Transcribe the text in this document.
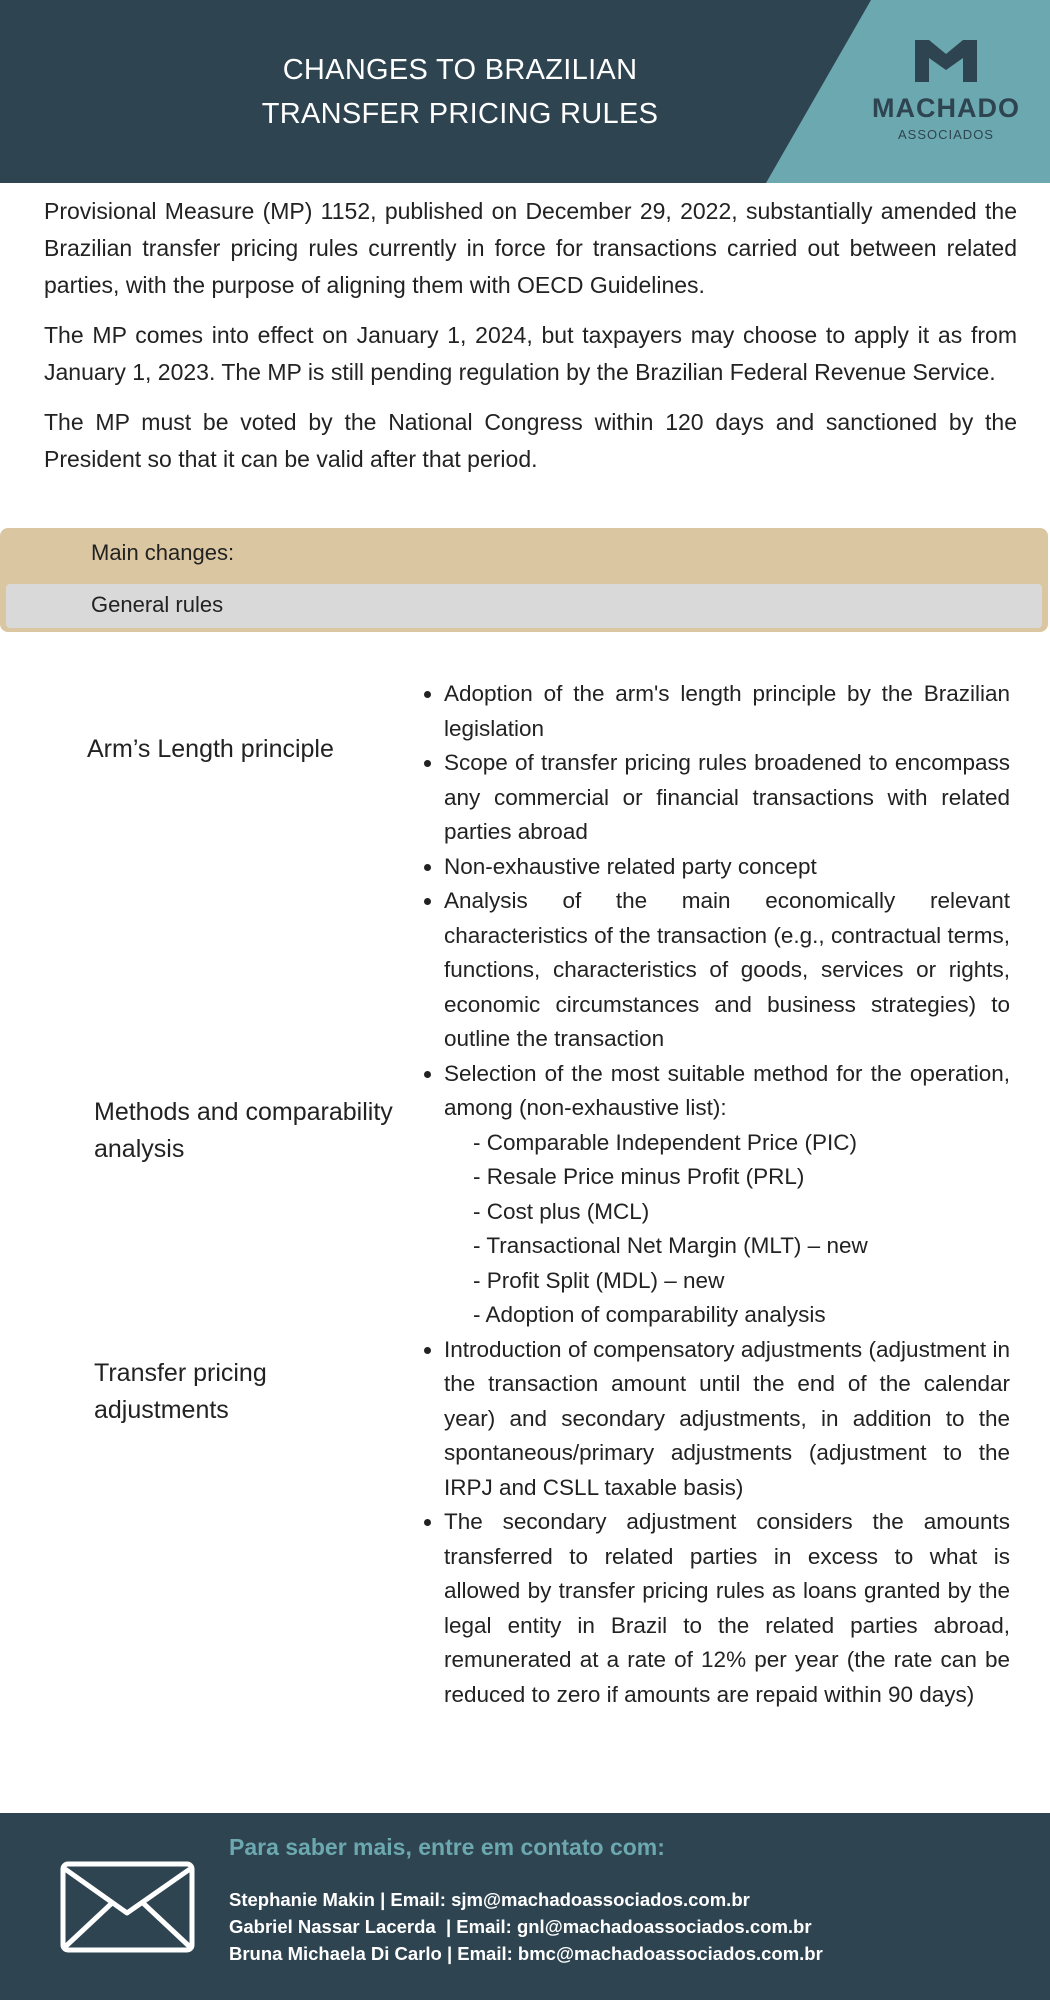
CHANGES TO BRAZILIAN
TRANSFER PRICING RULES	MACHADO
ASSOCIADOS

Provisional Measure (MP) 1152, published on December 29, 2022, substantially amended the Brazilian transfer pricing rules currently in force for transactions carried out between related parties, with the purpose of aligning them with OECD Guidelines.

The MP comes into effect on January 1, 2024, but taxpayers may choose to apply it as from January 1, 2023. The MP is still pending regulation by the Brazilian Federal Revenue Service.

The MP must be voted by the National Congress within 120 days and sanctioned by the President so that it can be valid after that period.

Main changes:
General rules
Arm’s Length principle
Methods and comparability analysis
Transfer pricing adjustments
• Adoption of the arm's length principle by the Brazilian legislation
• Scope of transfer pricing rules broadened to encompass any commercial or financial transactions with related parties abroad
• Non-exhaustive related party concept
• Analysis of the main economically relevant characteristics of the transaction (e.g., contractual terms, functions, characteristics of goods, services or rights, economic circumstances and business strategies) to outline the transaction
• Selection of the most suitable method for the operation, among (non-exhaustive list):
- Comparable Independent Price (PIC)
- Resale Price minus Profit (PRL)
- Cost plus (MCL)
- Transactional Net Margin (MLT) – new
- Profit Split (MDL) – new
- Adoption of comparability analysis
• Introduction of compensatory adjustments (adjustment in the transaction amount until the end of the calendar year) and secondary adjustments, in addition to the spontaneous/primary adjustments (adjustment to the IRPJ and CSLL taxable basis)
• The secondary adjustment considers the amounts transferred to related parties in excess to what is allowed by transfer pricing rules as loans granted by the legal entity in Brazil to the related parties abroad, remunerated at a rate of 12% per year (the rate can be reduced to zero if amounts are repaid within 90 days)
Para saber mais, entre em contato com:
Stephanie Makin | Email: sjm@machadoassociados.com.br
Gabriel Nassar Lacerda  | Email: gnl@machadoassociados.com.br
Bruna Michaela Di Carlo | Email: bmc@machadoassociados.com.br
